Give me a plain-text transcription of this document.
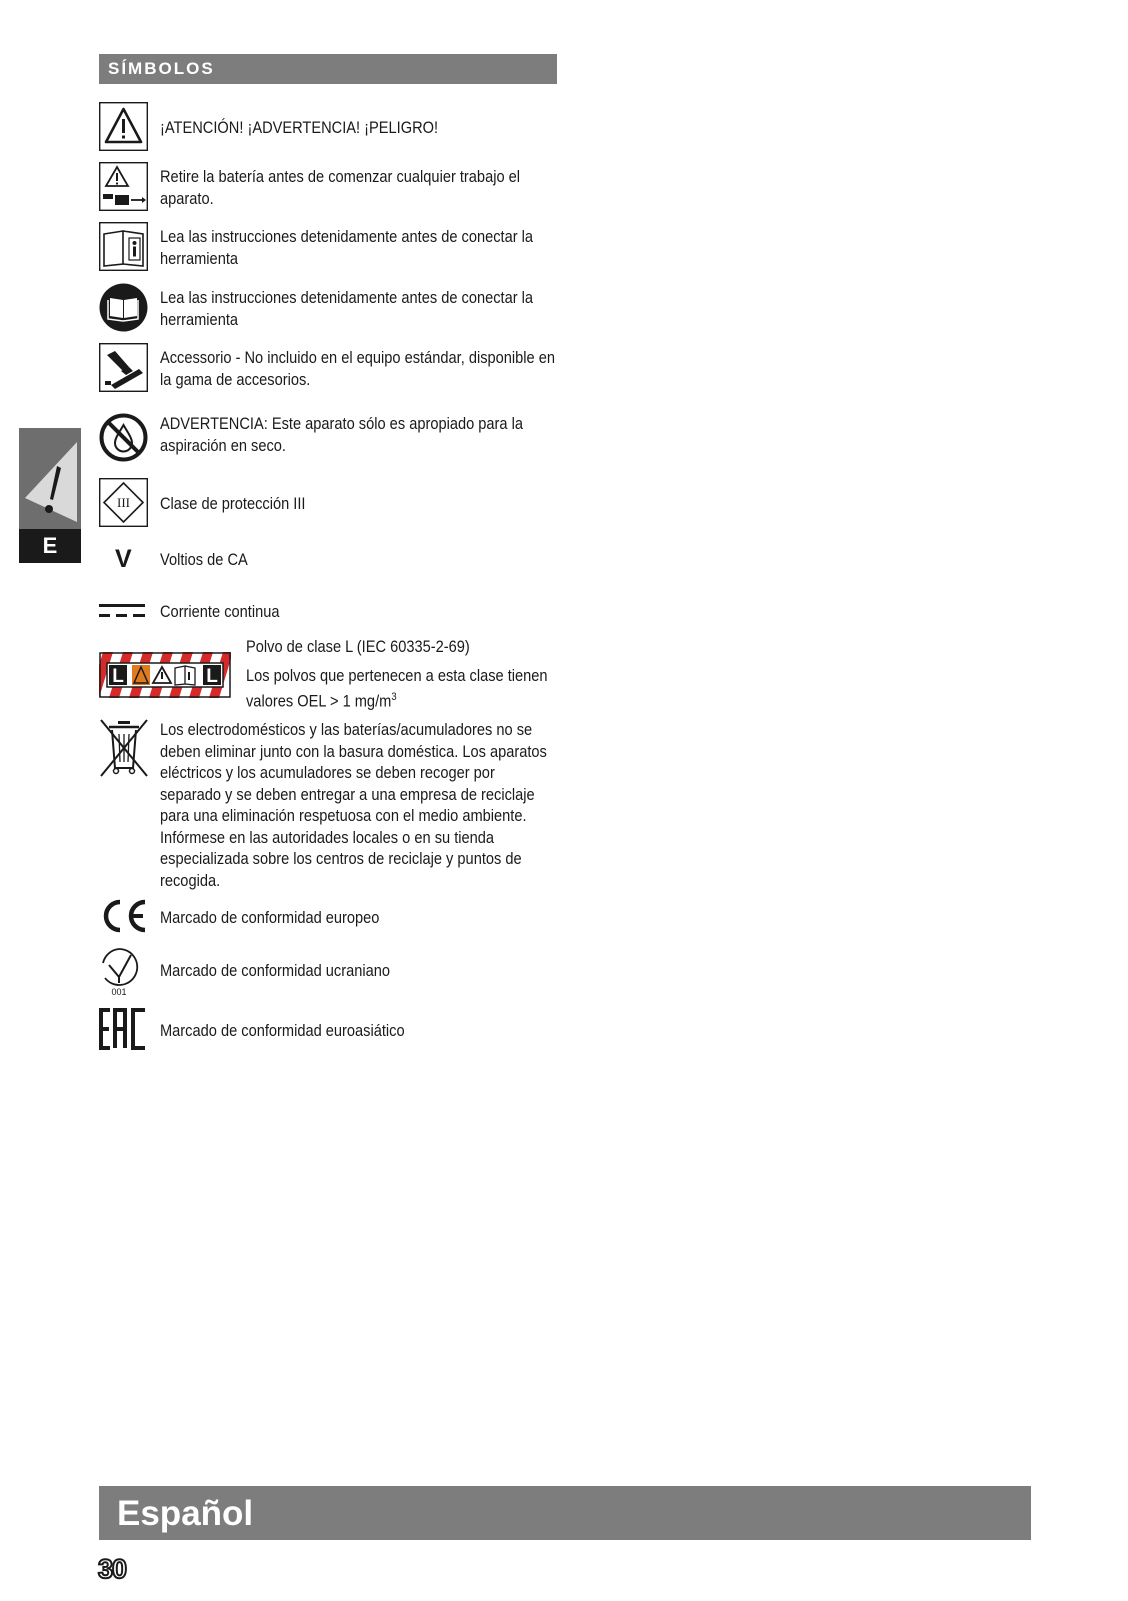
SÍMBOLOS
E
¡ATENCIÓN! ¡ADVERTENCIA! ¡PELIGRO!
Retire la batería antes de comenzar cualquier trabajo el aparato.
Lea las instrucciones detenidamente antes de conectar la herramienta
Lea las instrucciones detenidamente antes de conectar la herramienta
Accessorio - No incluido en el equipo estándar, disponible en la gama de accesorios.
ADVERTENCIA: Este aparato sólo es apropiado para la aspiración en seco.
III Clase de protección III
V Voltios de CA
Corriente continua
L	L
Polvo de clase L (IEC 60335-2-69)
Los polvos que pertenecen a esta clase tienen valores OEL > 1 $mg/m^3$
Los electrodomésticos y las baterías/acumuladores no se deben eliminar junto con la basura doméstica. Los aparatos eléctricos y los acumuladores se deben recoger por separado y se deben entregar a una empresa de reciclaje para una eliminación respetuosa con el medio ambiente. Infórmese en las autoridades locales o en su tienda especializada sobre los centros de reciclaje y puntos de recogida.
Marcado de conformidad europeo
001
Marcado de conformidad ucraniano
Marcado de conformidad euroasiático
Español
30
